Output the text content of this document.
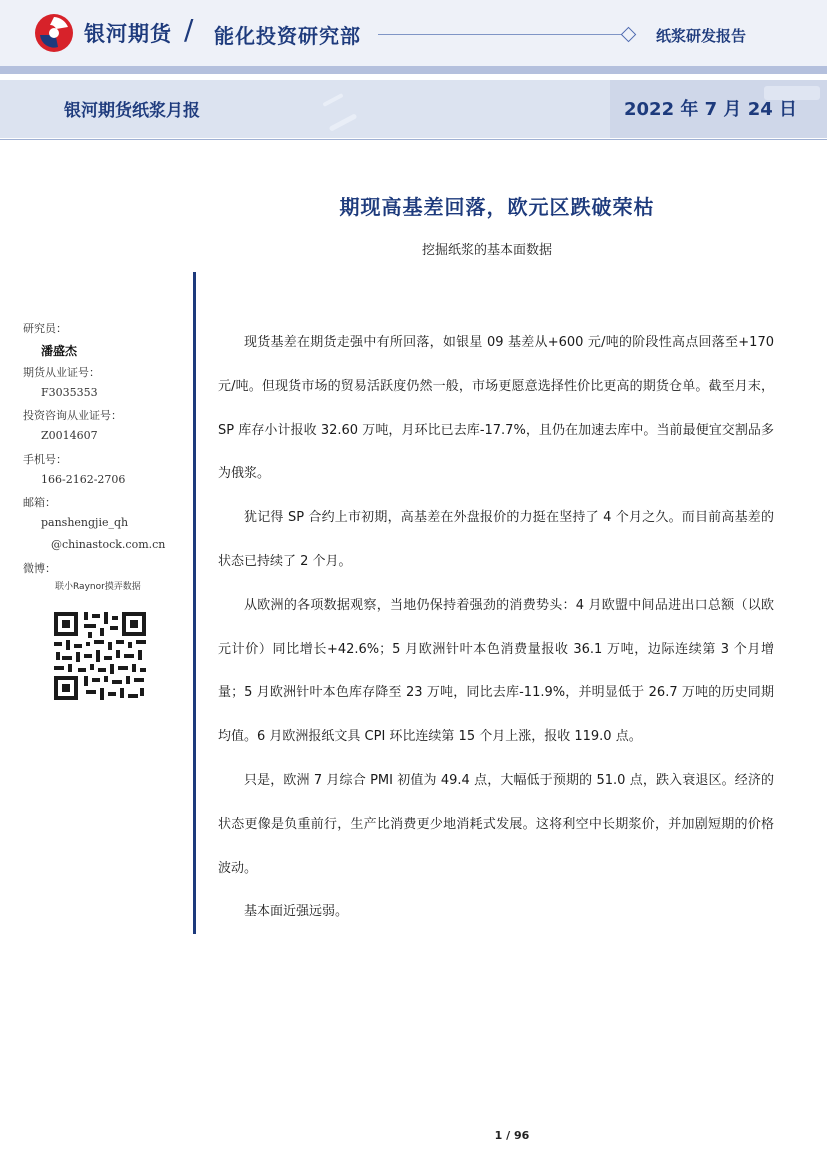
银河期货 / 能化投资研究部	纸浆研发报告
银河期货纸浆月报	2022 年 7 月 24 日
期现高基差回落，欧元区跌破荣枯
挖掘纸浆的基本面数据
研究员：
潘盛杰
期货从业证号：
F3035353
投资咨询从业证号：
Z0014607
手机号：
166-2162-2706
邮箱：
panshengjie_qh
@chinastock.com.cn
微博：
联小Raynor摸弄数据

现货基差在期货走强中有所回落，如银星 09 基差从+600 元/吨的阶段性高点回落至+170 元/吨。但现货市场的贸易活跃度仍然一般，市场更愿意选择性价比更高的期货仓单。截至月末，SP 库存小计报收 32.60 万吨，月环比已去库-17.7%，且仍在加速去库中。当前最便宜交割品多为俄浆。

犹记得 SP 合约上市初期，高基差在外盘报价的力挺在坚持了 4 个月之久。而目前高基差的状态已持续了 2 个月。

从欧洲的各项数据观察，当地仍保持着强劲的消费势头：4 月欧盟中间品进出口总额（以欧元计价）同比增长+42.6%；5 月欧洲针叶本色消费量报收 36.1 万吨，边际连续第 3 个月增量；5 月欧洲针叶本色库存降至 23 万吨，同比去库-11.9%，并明显低于 26.7 万吨的历史同期均值。6 月欧洲报纸文具 CPI 环比连续第 15 个月上涨，报收 119.0 点。

只是，欧洲 7 月综合 PMI 初值为 49.4 点，大幅低于预期的 51.0 点，跌入衰退区。经济的状态更像是负重前行，生产比消费更少地消耗式发展。这将利空中长期浆价，并加剧短期的价格波动。

基本面近强远弱。

1 / 96
